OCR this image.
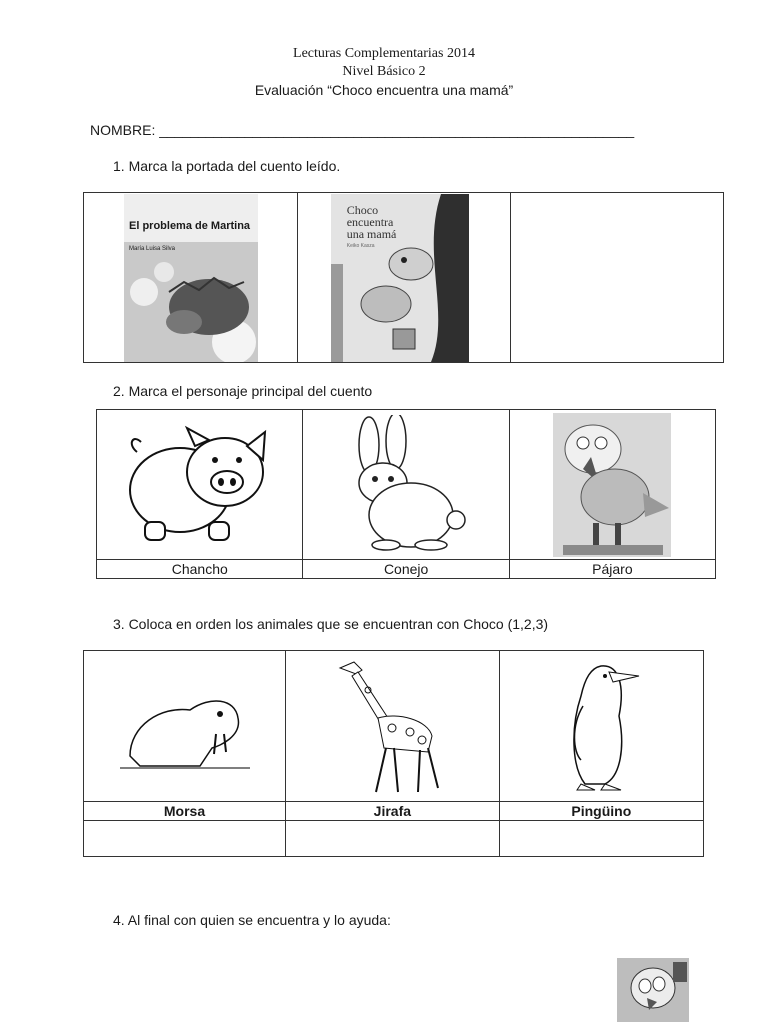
Lecturas Complementarias 2014
Nivel Básico 2
Evaluación “Choco encuentra una mamá”
NOMBRE: _____________________________________________________________
1. Marca la portada del cuento leído.
El problema de Martina
María Luisa Silva

Choco
encuentra
una mamá
Keiko Kasza

2. Marca el personaje principal del cuento

Chancho	Conejo	Pájaro
3. Coloca en orden los animales que se encuentran con Choco (1,2,3)

Morsa	Jirafa	Pingüino

4. Al final con quien se encuentra y lo ayuda:
